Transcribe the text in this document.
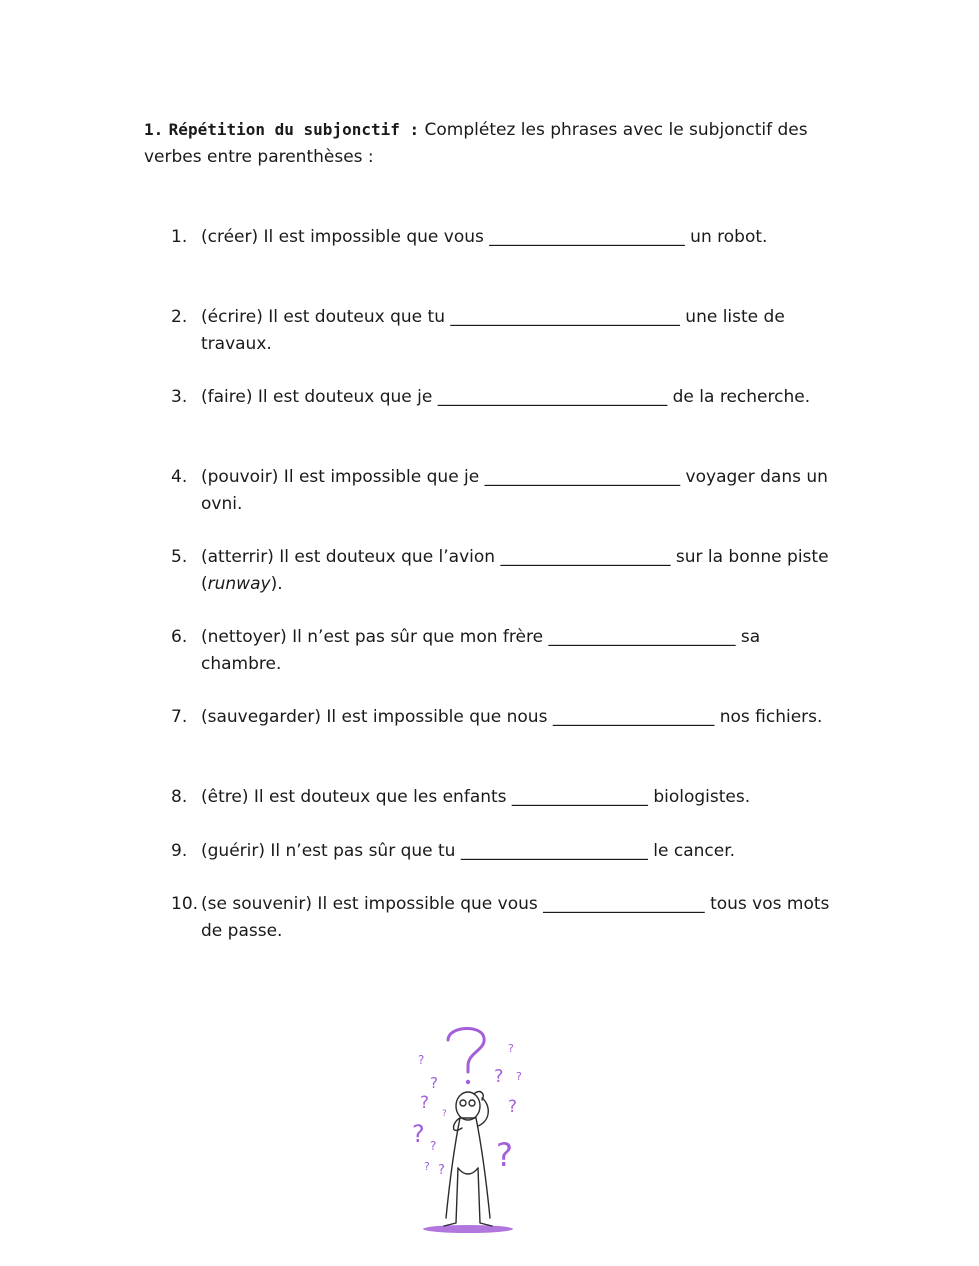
1. Répétition du subjonctif : Complétez les phrases avec le subjonctif des verbes entre parenthèses :
1. (créer) Il est impossible que vous _______________________ un robot.
2. (écrire) Il est douteux que tu ___________________________ une liste de travaux.
3. (faire) Il est douteux que je ___________________________ de la recherche.
4. (pouvoir) Il est impossible que je _______________________ voyager dans un ovni.
5. (atterrir) Il est douteux que l’avion ____________________ sur la bonne piste (runway).
6. (nettoyer) Il n’est pas sûr que mon frère ______________________ sa chambre.
7. (sauvegarder) Il est impossible que nous ___________________ nos fichiers.
8. (être) Il est douteux que les enfants ________________ biologistes.
9. (guérir) Il n’est pas sûr que tu ______________________ le cancer.
10. (se souvenir) Il est impossible que vous ___________________ tous vos mots de passe.
?
?
?
? ?
? ?
?
? ?
?
?
?
